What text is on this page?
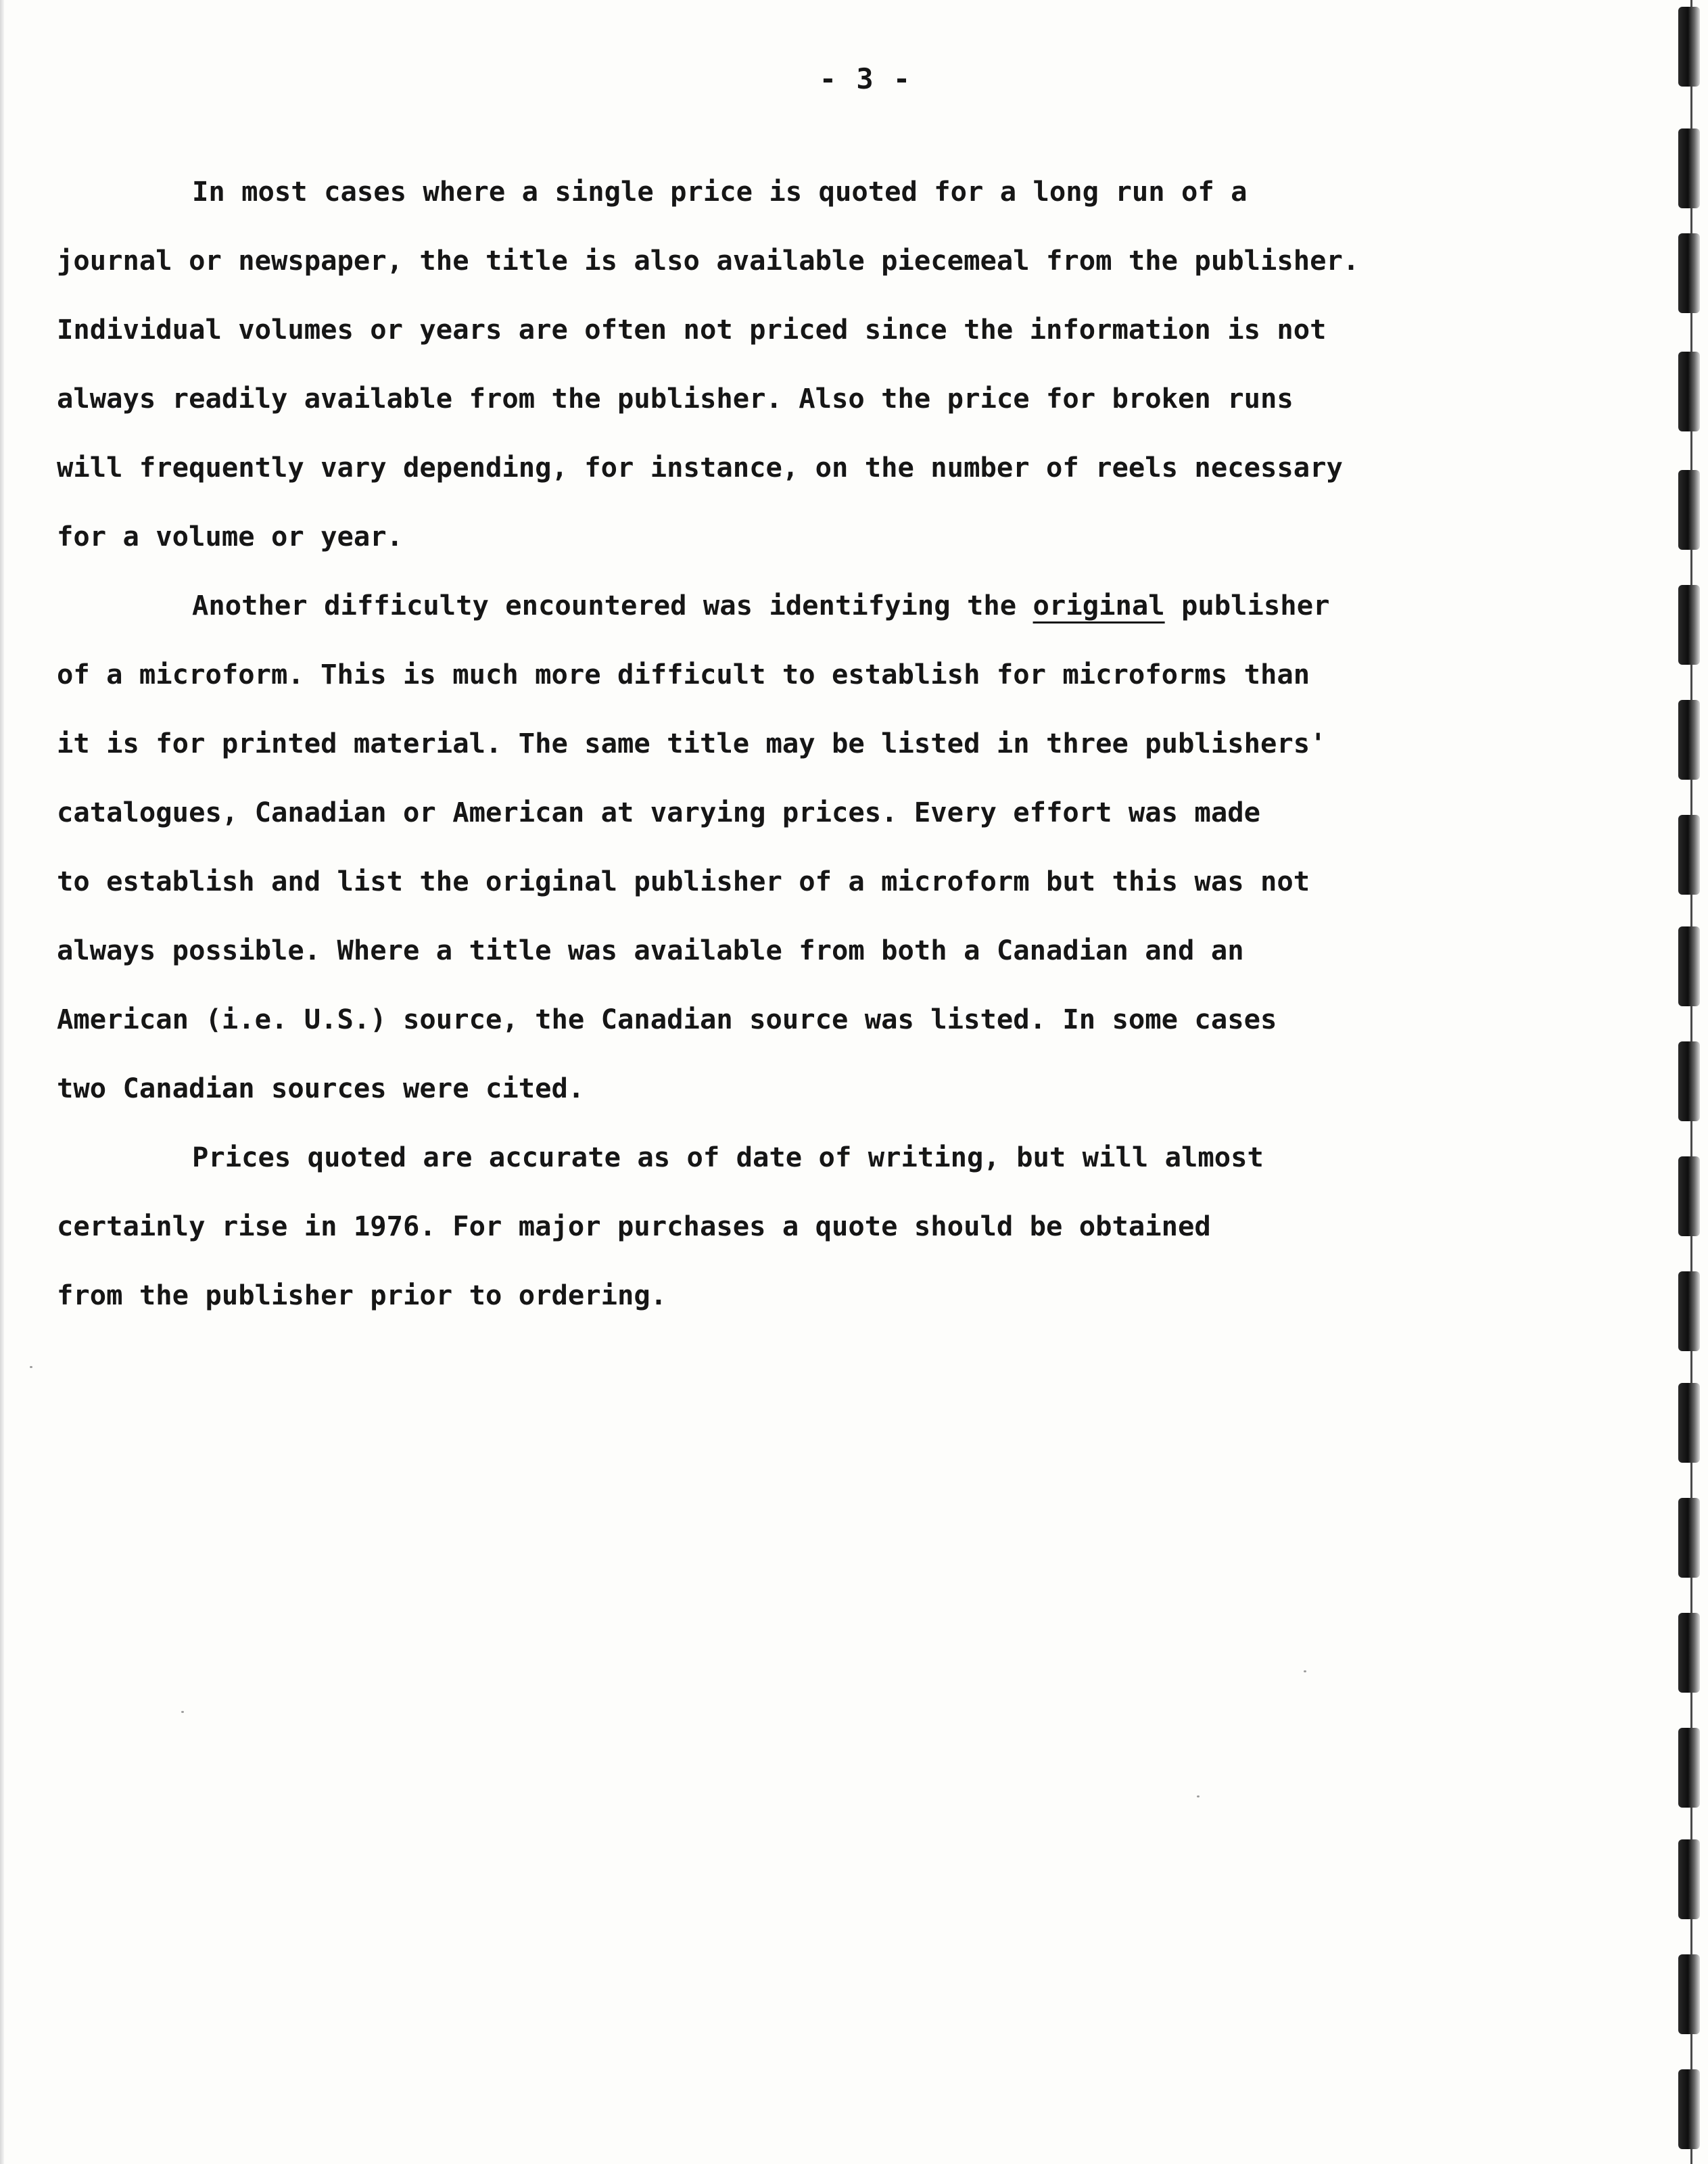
- 3 -
In most cases where a single price is quoted for a long run of a
journal or newspaper, the title is also available piecemeal from the publisher.
Individual volumes or years are often not priced since the information is not
always readily available from the publisher. Also the price for broken runs
will frequently vary depending, for instance, on the number of reels necessary
for a volume or year.
Another difficulty encountered was identifying the original publisher
of a microform. This is much more difficult to establish for microforms than
it is for printed material. The same title may be listed in three publishers'
catalogues, Canadian or American at varying prices. Every effort was made
to establish and list the original publisher of a microform but this was not
always possible. Where a title was available from both a Canadian and an
American (i.e. U.S.) source, the Canadian source was listed. In some cases
two Canadian sources were cited.
Prices quoted are accurate as of date of writing, but will almost
certainly rise in 1976. For major purchases a quote should be obtained
from the publisher prior to ordering.
